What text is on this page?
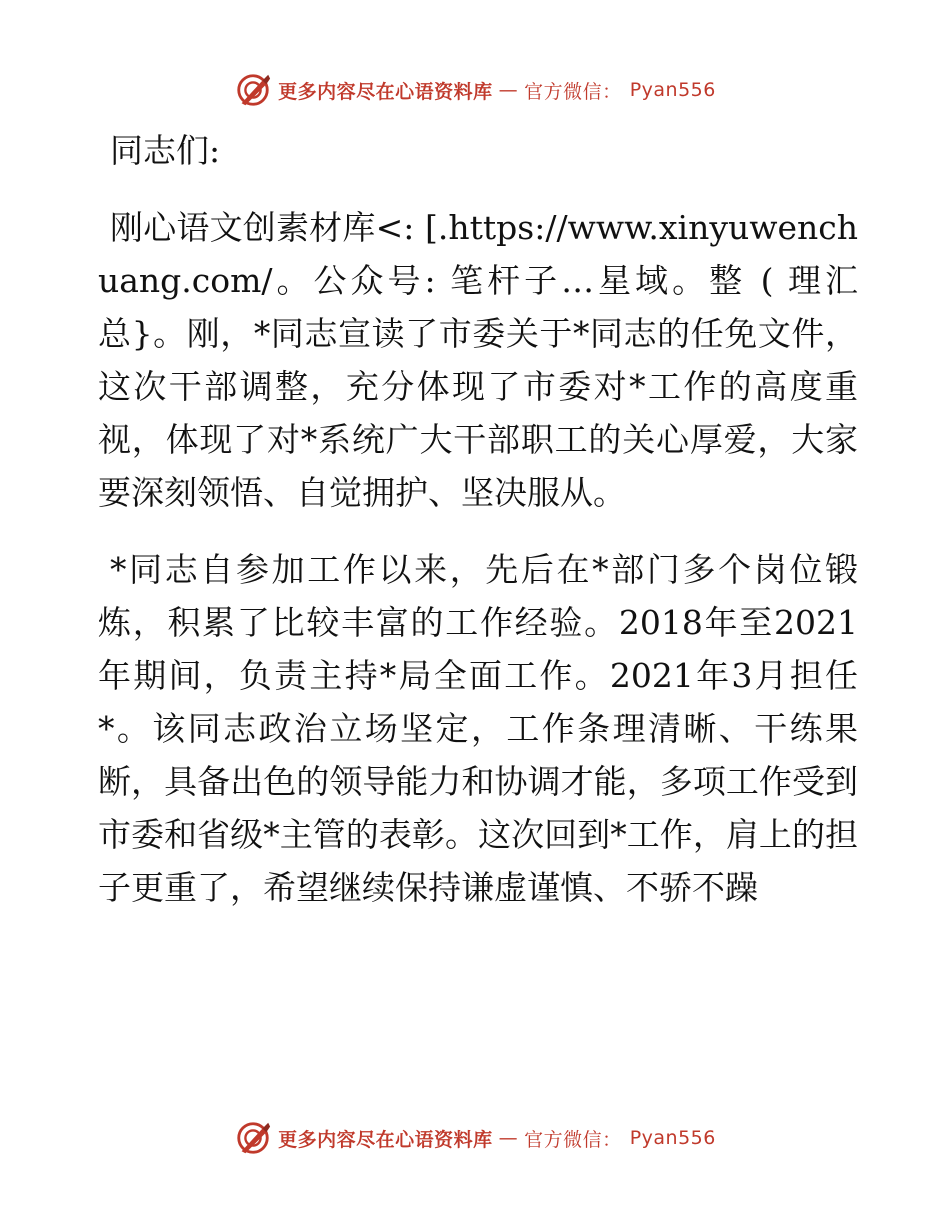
更多内容尽在心语资料库 — 官方微信： Pyan556

同志们:

刚心语文创素材库<: [.https://www.xinyuwenchuang.com/。公众号: 笔杆子…星域。整 ( 理汇总}。刚，*同志宣读了市委关于*同志的任免文件，这次干部调整，充分体现了市委对*工作的高度重视，体现了对*系统广大干部职工的关心厚爱，大家要深刻领悟、自觉拥护、坚决服从。

*同志自参加工作以来，先后在*部门多个岗位锻炼，积累了比较丰富的工作经验。2018年至2021年期间，负责主持*局全面工作。2021年3月担任*。该同志政治立场坚定，工作条理清晰、干练果断，具备出色的领导能力和协调才能，多项工作受到市委和省级*主管的表彰。这次回到*工作，肩上的担子更重了，希望继续保持谦虚谨慎、不骄不躁

更多内容尽在心语资料库 — 官方微信： Pyan556
